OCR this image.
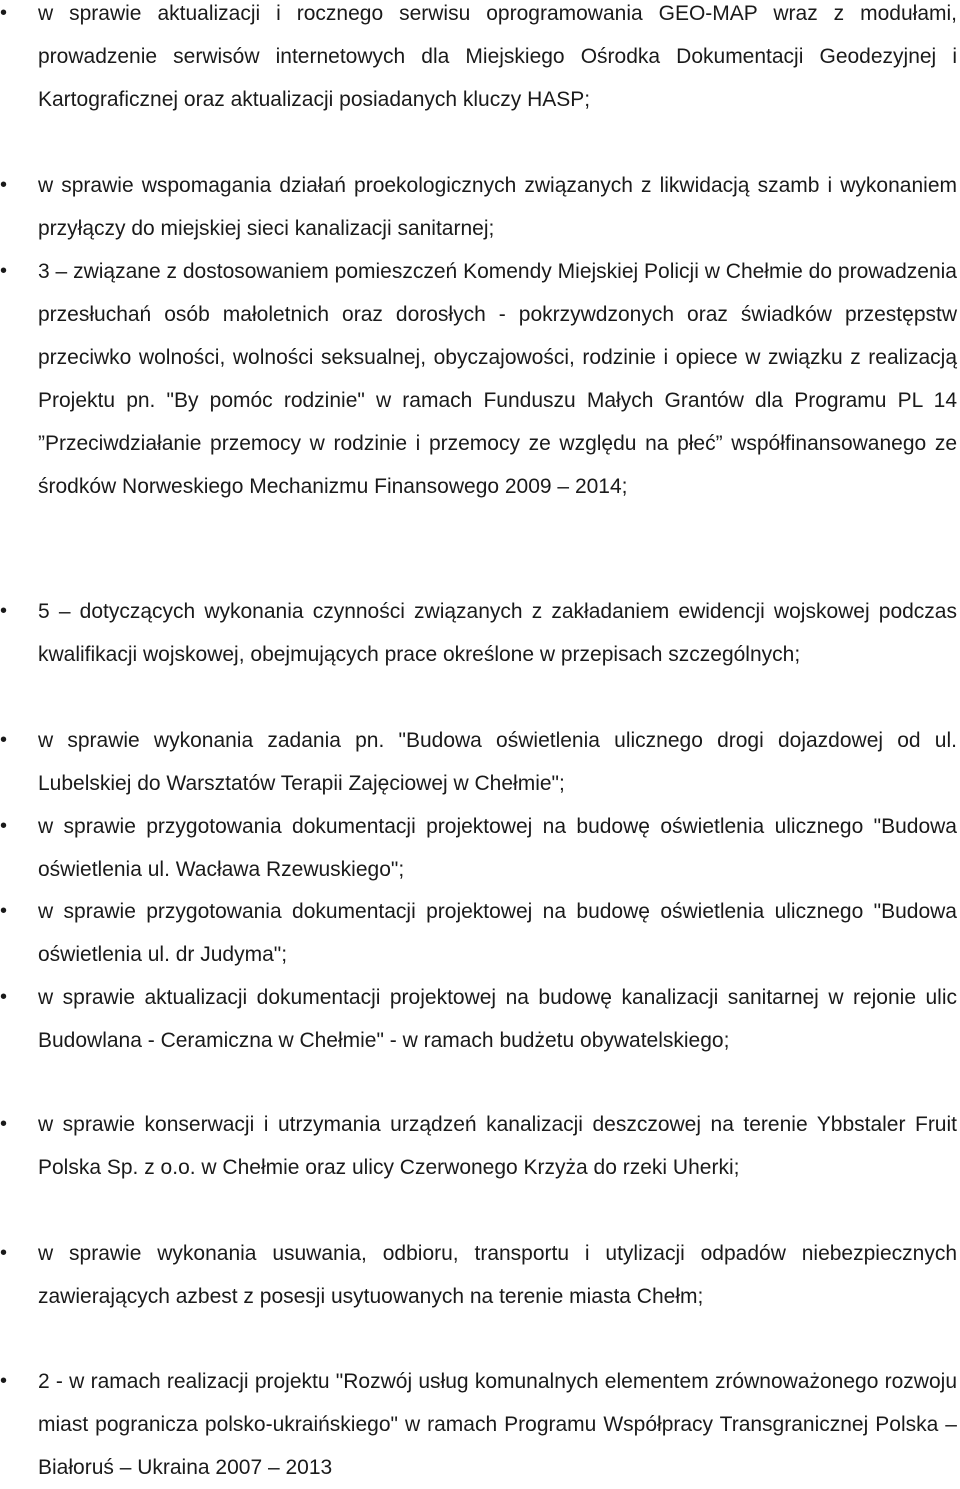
• w sprawie aktualizacji i rocznego serwisu oprogramowania GEO-MAP wraz z modułami, prowadzenie serwisów internetowych dla Miejskiego Ośrodka Dokumentacji Geodezyjnej i Kartograficznej oraz aktualizacji posiadanych kluczy HASP;

• w sprawie wspomagania działań proekologicznych związanych z likwidacją szamb i wykonaniem przyłączy do miejskiej sieci kanalizacji sanitarnej;

• 3 – związane z dostosowaniem pomieszczeń Komendy Miejskiej Policji w Chełmie do prowadzenia przesłuchań osób małoletnich oraz dorosłych - pokrzywdzonych oraz świadków przestępstw przeciwko wolności, wolności seksualnej, obyczajowości, rodzinie i opiece w związku z realizacją Projektu pn. "By pomóc rodzinie" w ramach Funduszu Małych Grantów dla Programu PL 14 ”Przeciwdziałanie przemocy w rodzinie i przemocy ze względu na płeć” współfinansowanego ze środków Norweskiego Mechanizmu Finansowego 2009 – 2014;

• 5 – dotyczących wykonania czynności związanych z zakładaniem ewidencji wojskowej podczas kwalifikacji wojskowej, obejmujących prace określone w przepisach szczególnych;

• w sprawie wykonania zadania pn. "Budowa oświetlenia ulicznego drogi dojazdowej od ul. Lubelskiej do Warsztatów Terapii Zajęciowej w Chełmie";

• w sprawie przygotowania dokumentacji projektowej na budowę oświetlenia ulicznego "Budowa oświetlenia ul. Wacława Rzewuskiego";

• w sprawie przygotowania dokumentacji projektowej na budowę oświetlenia ulicznego "Budowa oświetlenia ul. dr Judyma";

• w sprawie aktualizacji dokumentacji projektowej na budowę kanalizacji sanitarnej w rejonie ulic Budowlana - Ceramiczna w Chełmie" - w ramach budżetu obywatelskiego;

• w sprawie konserwacji i utrzymania urządzeń kanalizacji deszczowej na terenie Ybbstaler Fruit Polska Sp. z o.o. w Chełmie oraz ulicy Czerwonego Krzyża do rzeki Uherki;

• w sprawie wykonania usuwania, odbioru, transportu i utylizacji odpadów niebezpiecznych zawierających azbest z posesji usytuowanych na terenie miasta Chełm;

• 2 - w ramach realizacji projektu "Rozwój usług komunalnych elementem zrównoważonego rozwoju miast pogranicza polsko-ukraińskiego" w ramach Programu Współpracy Transgranicznej Polska – Białoruś – Ukraina 2007 – 2013
